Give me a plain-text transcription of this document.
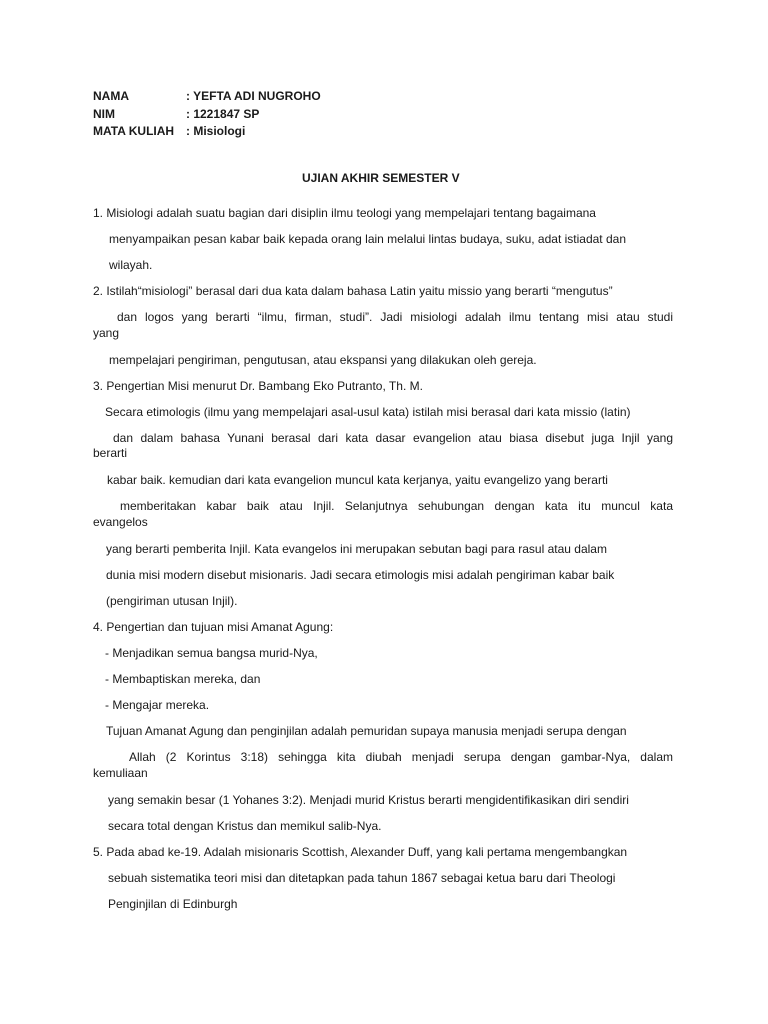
NAMA	: YEFTA ADI NUGROHO
NIM	: 1221847 SP
MATA KULIAH : Misiologi
UJIAN AKHIR SEMESTER V
1. Misiologi adalah suatu bagian dari disiplin ilmu teologi yang mempelajari tentang bagaimana
menyampaikan pesan kabar baik kepada orang lain melalui lintas budaya, suku, adat istiadat dan
wilayah.
2. Istilah“misiologi” berasal dari dua kata dalam bahasa Latin yaitu missio yang berarti “mengutus”
dan logos yang berarti “ilmu, firman, studi”. Jadi misiologi adalah ilmu tentang misi atau studi
yang
mempelajari pengiriman, pengutusan, atau ekspansi yang dilakukan oleh gereja.
3. Pengertian Misi menurut Dr. Bambang Eko Putranto, Th. M.
Secara etimologis (ilmu yang mempelajari asal-usul kata) istilah misi berasal dari kata missio (latin)
dan dalam bahasa Yunani berasal dari kata dasar evangelion atau biasa disebut juga Injil yang
berarti
kabar baik. kemudian dari kata evangelion muncul kata kerjanya, yaitu evangelizo yang berarti
memberitakan kabar baik atau Injil. Selanjutnya sehubungan dengan kata itu muncul kata
evangelos
yang berarti pemberita Injil. Kata evangelos ini merupakan sebutan bagi para rasul atau dalam
dunia misi modern disebut misionaris. Jadi secara etimologis misi adalah pengiriman kabar baik
(pengiriman utusan Injil).
4. Pengertian dan tujuan misi Amanat Agung:
- Menjadikan semua bangsa murid-Nya,
- Membaptiskan mereka, dan
- Mengajar mereka.
Tujuan Amanat Agung dan penginjilan adalah pemuridan supaya manusia menjadi serupa dengan
Allah (2 Korintus 3:18) sehingga kita diubah menjadi serupa dengan gambar-Nya, dalam
kemuliaan
yang semakin besar (1 Yohanes 3:2). Menjadi murid Kristus berarti mengidentifikasikan diri sendiri
secara total dengan Kristus dan memikul salib-Nya.
5. Pada abad ke-19. Adalah misionaris Scottish, Alexander Duff, yang kali pertama mengembangkan
sebuah sistematika teori misi dan ditetapkan pada tahun 1867 sebagai ketua baru dari Theologi
Penginjilan di Edinburgh
